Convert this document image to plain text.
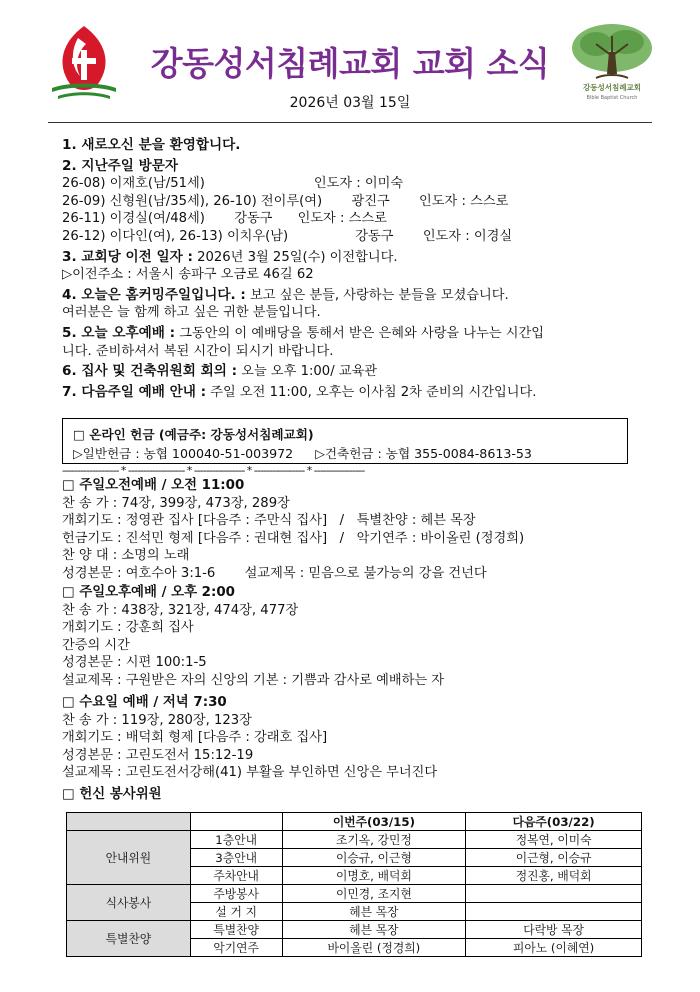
강동성서침례교회 교회 소식
2026년 03월 15일
강동성서침례교회
Bible Baptist Church
1. 새로오신 분을 환영합니다.
2. 지난주일 방문자
26-08) 이재호(남/51세)                          인도자 : 이미숙
26-09) 신형원(남/35세), 26-10) 전이루(여)       광진구       인도자 : 스스로
26-11) 이경실(여/48세)       강동구      인도자 : 스스로
26-12) 이다인(여), 26-13) 이치우(남)                강동구       인도자 : 이경실
3. 교회당 이전 일자 : 2026년 3월 25일(수) 이전합니다.
▷이전주소 : 서울시 송파구 오금로 46길 62
4. 오늘은 홈커밍주일입니다. : 보고 싶은 분들, 사랑하는 분들을 모셨습니다.
여러분은 늘 함께 하고 싶은 귀한 분들입니다.
5. 오늘 오후예배 : 그동안의 이 예배당을 통해서 받은 은혜와 사랑을 나누는 시간입
니다. 준비하셔서 복된 시간이 되시기 바랍니다.
6. 집사 및 건축위원회 회의 : 오늘 오후 1:00/ 교육관
7. 다음주일 예배 안내 : 주일 오전 11:00, 오후는 이사침 2차 준비의 시간입니다.
□ 온라인 헌금 (예금주: 강동성서침례교회)
▷일반헌금 : 농협 100040-51-003972 ▷건축헌금 : 농협 355-0084-8613-53
------------------- * ------------------- * ----------------- * ----------------- * -----------------
□ 주일오전예배 / 오전 11:00
찬 송 가 : 74장, 399장, 473장, 289장
개회기도 : 정영관 집사 [다음주 : 주만식 집사]   /   특별찬양 : 헤븐 목장
헌금기도 : 진석민 형제 [다음주 : 권대현 집사]   /   악기연주 : 바이올린 (정경희)
찬 양 대 : 소명의 노래
성경본문 : 여호수아 3:1-6       설교제목 : 믿음으로 불가능의 강을 건넌다
□ 주일오후예배 / 오후 2:00
찬 송 가 : 438장, 321장, 474장, 477장
개회기도 : 강훈희 집사
간증의 시간
성경본문 : 시편 100:1-5
설교제목 : 구원받은 자의 신앙의 기본 : 기쁨과 감사로 예배하는 자
□ 수요일 예배 / 저녁 7:30
찬 송 가 : 119장, 280장, 123장
개회기도 : 배덕회 형제 [다음주 : 강래호 집사]
성경본문 : 고린도전서 15:12-19
설교제목 : 고린도전서강해(41) 부활을 부인하면 신앙은 무너진다
□ 헌신 봉사위원
		이번주(03/15)	다음주(03/22)
안내위원	1층안내	조기옥, 강민정	정복연, 이미숙
	3층안내	이승규, 이근형	이근형, 이승규
	주차안내	이명호, 배덕회	정진홍, 배덕회
식사봉사	주방봉사	이민경, 조지현	
	설 거 지	헤븐 목장	
특별찬양	특별찬양	헤븐 목장	다락방 목장
	악기연주	바이올린 (정경희)	피아노 (이혜연)
